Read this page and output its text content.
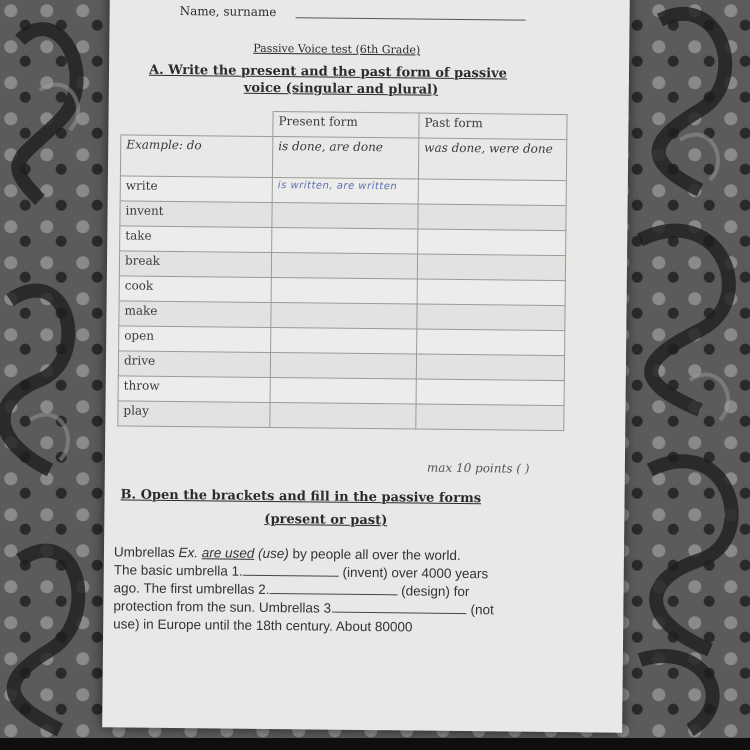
Name, surname
Passive Voice test (6th Grade)
A. Write the present and the past form of passive
voice (singular and plural)
	Present form	Past form
Example: do	is done, are done	was done, were done
write	is written, are written	
invent		
take		
break		
cook		
make		
open		
drive		
throw		
play		
max 10 points ( )
B. Open the brackets and fill in the passive forms
(present or past)
Umbrellas Ex. are used (use) by people all over the world.
The basic umbrella 1.	(invent) over 4000 years
ago. The first umbrellas 2.	(design) for
protection from the sun. Umbrellas 3.	(not
use) in Europe until the 18th century. About 80000
